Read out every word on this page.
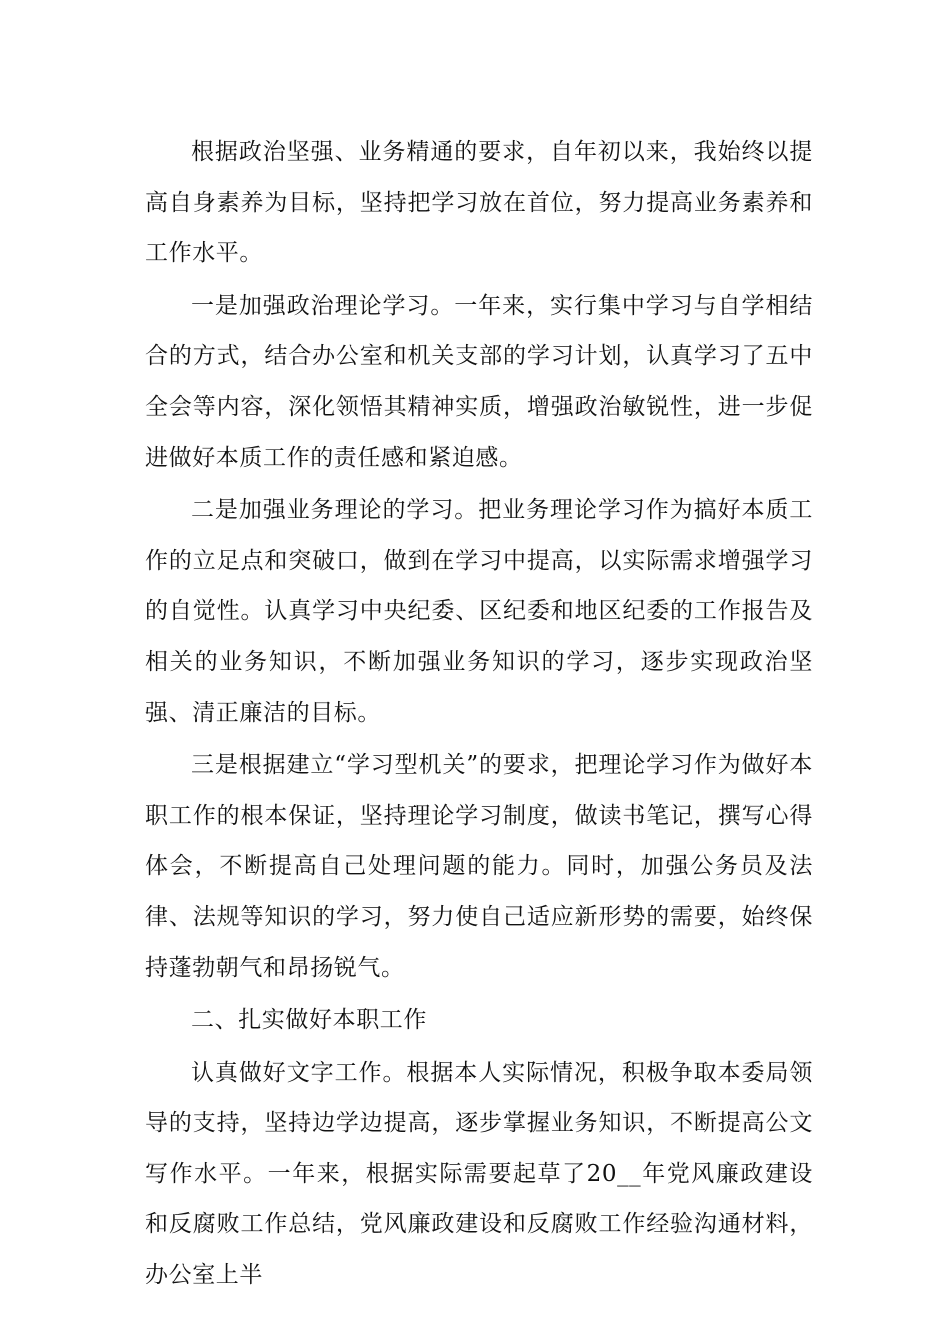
根据政治坚强、业务精通的要求，自年初以来，我始终以提高自身素养为目标，坚持把学习放在首位，努力提高业务素养和工作水平。

一是加强政治理论学习。一年来，实行集中学习与自学相结合的方式，结合办公室和机关支部的学习计划，认真学习了五中全会等内容，深化领悟其精神实质，增强政治敏锐性，进一步促进做好本质工作的责任感和紧迫感。

二是加强业务理论的学习。把业务理论学习作为搞好本质工作的立足点和突破口，做到在学习中提高，以实际需求增强学习的自觉性。认真学习中央纪委、区纪委和地区纪委的工作报告及相关的业务知识，不断加强业务知识的学习，逐步实现政治坚强、清正廉洁的目标。

三是根据建立“学习型机关”的要求，把理论学习作为做好本职工作的根本保证，坚持理论学习制度，做读书笔记，撰写心得体会，不断提高自己处理问题的能力。同时，加强公务员及法律、法规等知识的学习，努力使自己适应新形势的需要，始终保持蓬勃朝气和昂扬锐气。

二、扎实做好本职工作

认真做好文字工作。根据本人实际情况，积极争取本委局领导的支持，坚持边学边提高，逐步掌握业务知识，不断提高公文写作水平。一年来，根据实际需要起草了20__年党风廉政建设和反腐败工作总结，党风廉政建设和反腐败工作经验沟通材料，办公室上半
